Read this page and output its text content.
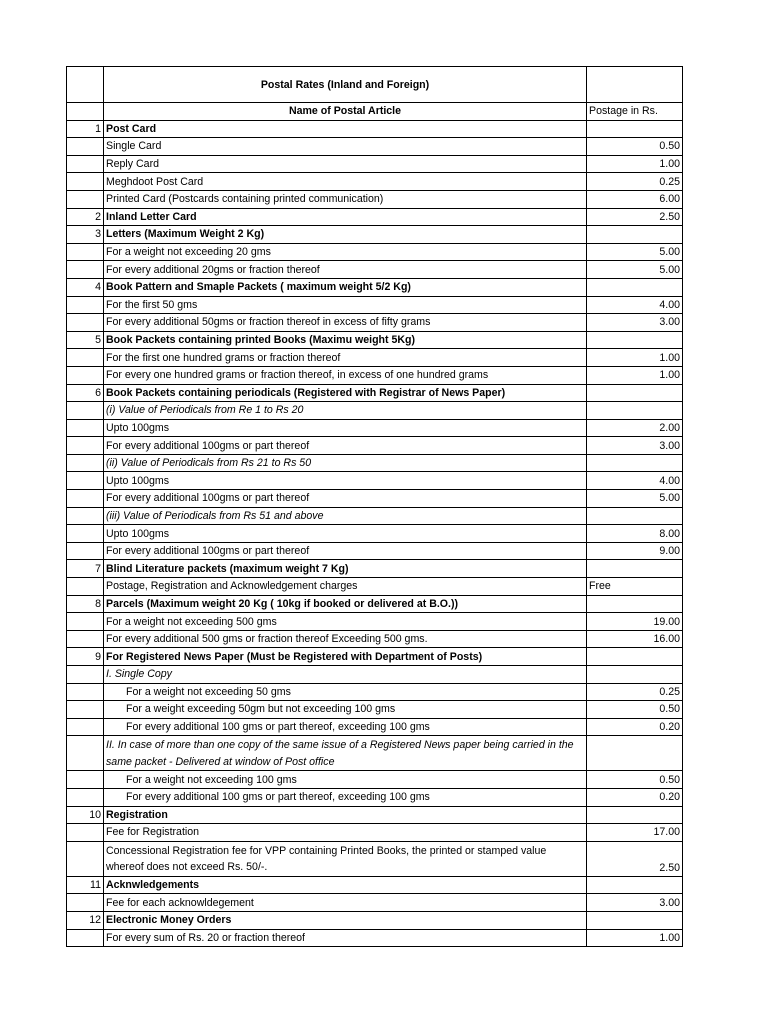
	Postal Rates (Inland and Foreign)	
	Name of Postal Article	Postage in Rs.
1	Post Card	
	Single Card	0.50
	Reply Card	1.00
	Meghdoot Post Card	0.25
	Printed Card (Postcards containing printed communication)	6.00
2	Inland Letter Card	2.50
3	Letters (Maximum Weight 2 Kg)	
	For a weight not exceeding 20 gms	5.00
	For every additional 20gms or fraction thereof	5.00
4	Book Pattern and Smaple Packets ( maximum weight 5/2 Kg)	
	For the first 50 gms	4.00
	For every additional 50gms or fraction thereof in excess of fifty grams	3.00
5	Book Packets containing printed Books (Maximu weight 5Kg)	
	For the first one hundred grams or fraction thereof	1.00
	For every one hundred grams or fraction thereof, in excess of one hundred grams	1.00
6	Book Packets containing periodicals (Registered with Registrar of News Paper)	
	(i) Value of Periodicals from Re 1 to Rs 20	
	Upto 100gms	2.00
	For every additional 100gms or part thereof	3.00
	(ii) Value of Periodicals from Rs 21 to Rs 50	
	Upto 100gms	4.00
	For every additional 100gms or part thereof	5.00
	(iii) Value of Periodicals from Rs 51 and above	
	Upto 100gms	8.00
	For every additional 100gms or part thereof	9.00
7	Blind Literature packets (maximum weight 7 Kg)	
	Postage, Registration and Acknowledgement charges	Free
8	Parcels (Maximum weight 20 Kg ( 10kg if booked or delivered at B.O.))	
	For a weight not exceeding 500 gms	19.00
	For every additional 500 gms or fraction thereof Exceeding 500 gms.	16.00
9	For Registered News Paper (Must be Registered with Department of Posts)	
	I. Single Copy	
	For a weight not exceeding 50 gms	0.25
	For a weight exceeding 50gm but not exceeding 100 gms	0.50
	For every additional 100 gms or part thereof, exceeding 100 gms	0.20
	II. In case of more than one copy of the same issue of a Registered News paper being carried in the same packet - Delivered at window of Post office	
	For a weight not exceeding 100 gms	0.50
	For every additional 100 gms or part thereof, exceeding 100 gms	0.20
10	Registration	
	Fee for Registration	17.00
	Concessional Registration fee for VPP containing Printed Books, the printed or stamped value whereof does not exceed Rs. 50/-.	2.50
11	Acknwledgements	
	Fee for each acknowldegement	3.00
12	Electronic Money Orders	
	For every sum of Rs. 20 or fraction thereof	1.00
